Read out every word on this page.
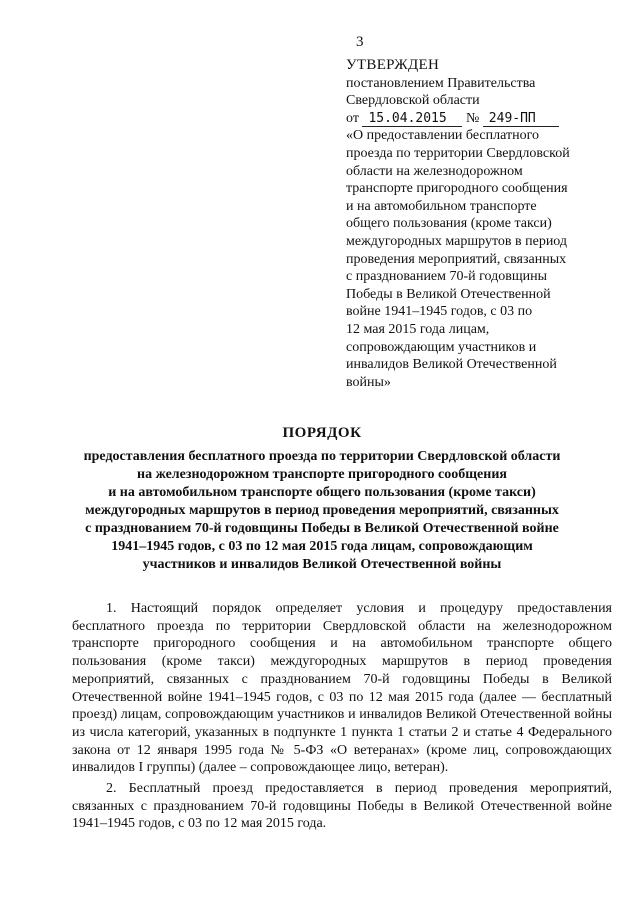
3
УТВЕРЖДЕН
постановлением Правительства
Свердловской области
от 15.04.2015 № 249-ПП
«О предоставлении бесплатного
проезда по территории Свердловской
области на железнодорожном
транспорте пригородного сообщения
и на автомобильном транспорте
общего пользования (кроме такси)
междугородных маршрутов в период
проведения мероприятий, связанных
с празднованием 70-й годовщины
Победы в Великой Отечественной
войне 1941–1945 годов, с 03 по
12 мая 2015 года лицам,
сопровождающим участников и
инвалидов Великой Отечественной
войны»
ПОРЯДОК
предоставления бесплатного проезда по территории Свердловской области
на железнодорожном транспорте пригородного сообщения
и на автомобильном транспорте общего пользования (кроме такси)
междугородных маршрутов в период проведения мероприятий, связанных
с празднованием 70-й годовщины Победы в Великой Отечественной войне
1941–1945 годов, с 03 по 12 мая 2015 года лицам, сопровождающим
участников и инвалидов Великой Отечественной войны

1. Настоящий порядок определяет условия и процедуру предоставления бесплатного проезда по территории Свердловской области на железнодорожном транспорте пригородного сообщения и на автомобильном транспорте общего пользования (кроме такси) междугородных маршрутов в период проведения мероприятий, связанных с празднованием 70-й годовщины Победы в Великой Отечественной войне 1941–1945 годов, с 03 по 12 мая 2015 года (далее — бесплатный проезд) лицам, сопровождающим участников и инвалидов Великой Отечественной войны из числа категорий, указанных в подпункте 1 пункта 1 статьи 2 и статье 4 Федерального закона от 12 января 1995 года № 5-ФЗ «О ветеранах» (кроме лиц, сопровождающих инвалидов I группы) (далее – сопровождающее лицо, ветеран).

2. Бесплатный проезд предоставляется в период проведения мероприятий, связанных с празднованием 70-й годовщины Победы в Великой Отечественной войне 1941–1945 годов, с 03 по 12 мая 2015 года.
